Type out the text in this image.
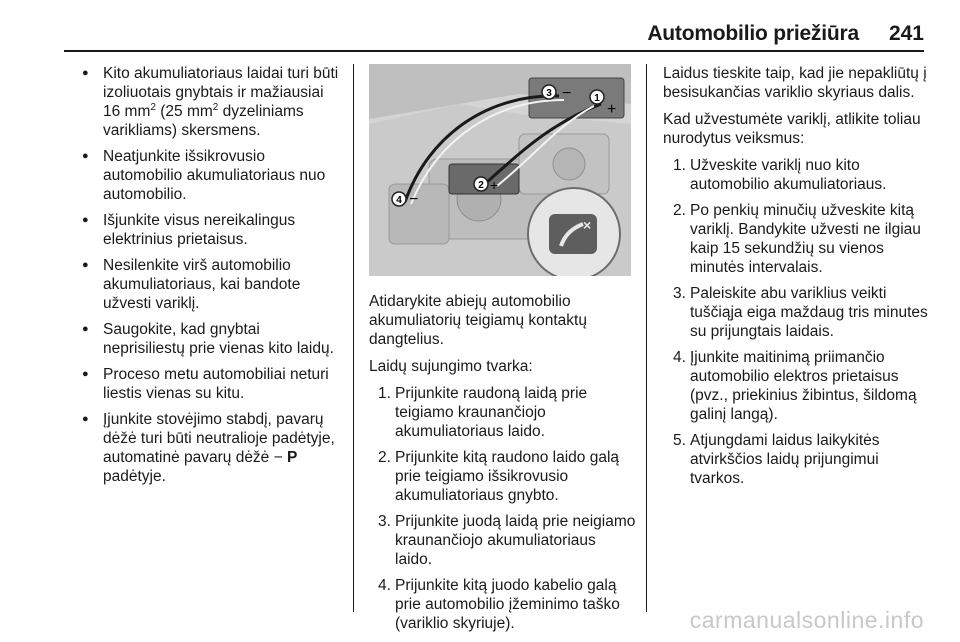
Automobilio priežiūra 241
● Kito akumuliatoriaus laidai turi būti izoliuotais gnybtais ir mažiausiai 16 $mm^2$ (25 $mm^2$ dyzeliniams varikliams) skersmens.
● Neatjunkite išsikrovusio automobilio akumuliatoriaus nuo automobilio.
● Išjunkite visus nereikalingus elektrinius prietaisus.
● Nesilenkite virš automobilio akumuliatoriaus, kai bandote užvesti variklį.
● Saugokite, kad gnybtai neprisiliestų prie vienas kito laidų.
● Proceso metu automobiliai neturi liestis vienas su kitu.
● Įjunkite stovėjimo stabdį, pavarų dėžė turi būti neutralioje padėtyje, automatinė pavarų dėžė − P padėtyje.
×
1
2
3
4
+
+
−
−
Atidarykite abiejų automobilio akumuliatorių teigiamų kontaktų dangtelius.
Laidų sujungimo tvarka:
1. Prijunkite raudoną laidą prie teigiamo kraunančiojo akumuliatoriaus laido.
2. Prijunkite kitą raudono laido galą prie teigiamo išsikrovusio akumuliatoriaus gnybto.
3. Prijunkite juodą laidą prie neigiamo kraunančiojo akumuliatoriaus laido.
4. Prijunkite kitą juodo kabelio galą prie automobilio įžeminimo taško (variklio skyriuje).
Laidus tieskite taip, kad jie nepakliūtų į besisukančias variklio skyriaus dalis.
Kad užvestumėte variklį, atlikite toliau nurodytus veiksmus:
1. Užveskite variklį nuo kito automobilio akumuliatoriaus.
2. Po penkių minučių užveskite kitą variklį. Bandykite užvesti ne ilgiau kaip 15 sekundžių su vienos minutės intervalais.
3. Paleiskite abu variklius veikti tuščiąja eiga maždaug tris minutes su prijungtais laidais.
4. Įjunkite maitinimą priimančio automobilio elektros prietaisus (pvz., priekinius žibintus, šildomą galinį langą).
5. Atjungdami laidus laikykitės atvirkščios laidų prijungimui tvarkos.
carmanualsonline.info
